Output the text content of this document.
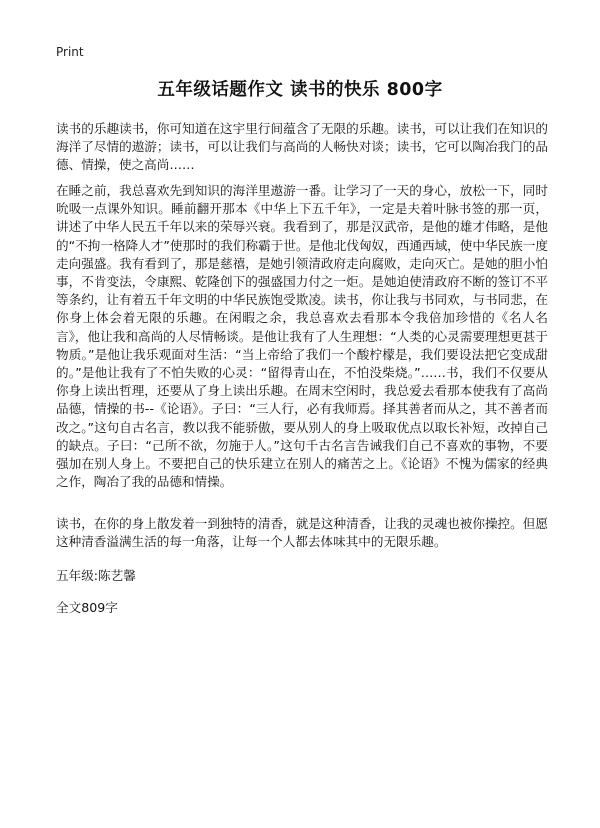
Print
五年级话题作文 读书的快乐 800字

读书的乐趣读书，你可知道在这宇里行间蕴含了无限的乐趣。读书，可以让我们在知识的海洋了尽情的遨游；读书，可以让我们与高尚的人畅快对谈；读书，它可以陶冶我门的品德、情操，使之高尚……

在睡之前，我总喜欢先到知识的海洋里遨游一番。让学习了一天的身心，放松一下，同时吮吸一点课外知识。睡前翻开那本《中华上下五千年》，一定是夫着叶脉书签的那一页，讲述了中华人民五千年以来的荣辱兴衰。我看到了，那是汉武帝，是他的雄才伟略，是他的“不拘一格降人才”使那时的我们称霸于世。是他北伐匈奴，西通西域，使中华民族一度走向强盛。我有看到了，那是慈禧，是她引领清政府走向腐败，走向灭亡。是她的胆小怕事，不肯变法，令康熙、乾隆创下的强盛国力付之一炬。是她迫使清政府不断的签订不平等条约，让有着五千年文明的中华民族饱受欺凌。读书，你让我与书同欢，与书同悲，在你身上体会着无限的乐趣。在闲暇之余，我总喜欢去看那本令我倍加珍惜的《名人名言》，他让我和高尚的人尽情畅谈。是他让我有了人生理想：“人类的心灵需要理想更甚于物质。”是他让我乐观面对生活：“当上帝给了我们一个酸柠檬是，我们要设法把它变成甜的。”是他让我有了不怕失败的心灵：“留得青山在，不怕没柴烧。”……书，我们不仅要从你身上读出哲理，还要从了身上读出乐趣。在周末空闲时，我总爱去看那本使我有了高尚品德，情操的书--《论语》。子曰：“三人行，必有我师焉。择其善者而从之，其不善者而改之。”这句自古名言，教以我不能骄傲，要从别人的身上吸取优点以取长补短，改掉自己的缺点。子曰：“己所不欲，勿施于人。”这句千古名言告诫我们自己不喜欢的事物，不要强加在别人身上。不要把自己的快乐建立在别人的痛苦之上。《论语》不愧为儒家的经典之作，陶冶了我的品德和情操。

读书，在你的身上散发着一到独特的清香，就是这种清香，让我的灵魂也被你操控。但愿这种清香溢满生活的每一角落，让每一个人都去体味其中的无限乐趣。

五年级:陈艺馨

全文809字
